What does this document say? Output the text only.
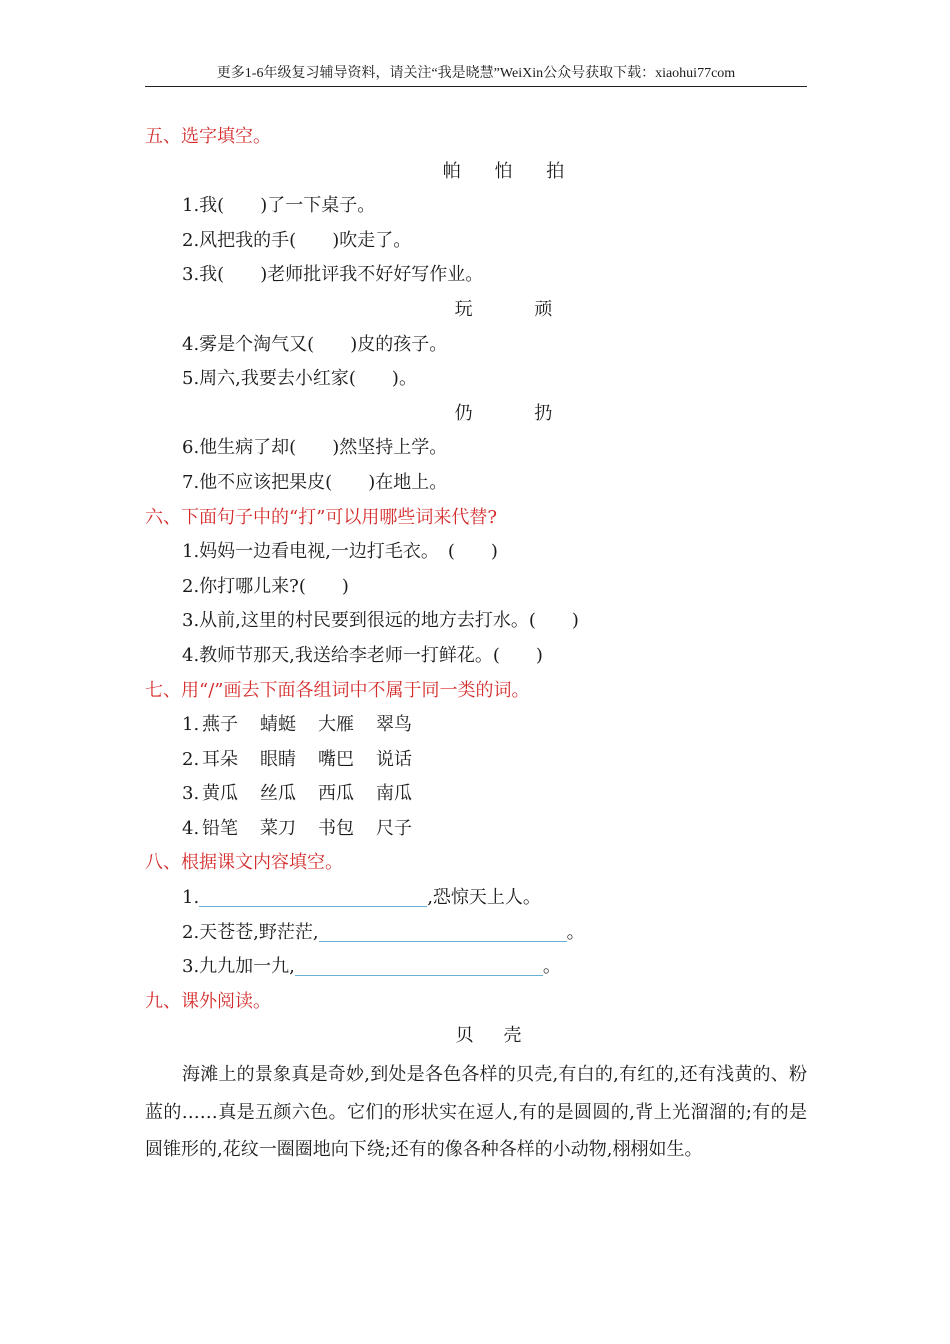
更多1-6年级复习辅导资料，请关注“我是晓慧”WeiXin公众号获取下载：xiaohui77com
五、选字填空。
帕 怕 拍
1.我(　　)了一下桌子。
2.风把我的手(　　)吹走了。
3.我(　　)老师批评我不好好写作业。
玩	顽
4.雾是个淘气又(　　)皮的孩子。
5.周六,我要去小红家(　　)。
仍	扔
6.他生病了却(　　)然坚持上学。
7.他不应该把果皮(　　)在地上。
六、下面句子中的“打”可以用哪些词来代替?
1.妈妈一边看电视,一边打毛衣。　(　　)
2.你打哪儿来?(　　)
3.从前,这里的村民要到很远的地方去打水。(　　)
4.教师节那天,我送给李老师一打鲜花。(　　)
七、用“/”画去下面各组词中不属于同一类的词。
1. 燕子 蜻蜓 大雁 翠鸟
2. 耳朵 眼睛 嘴巴 说话
3. 黄瓜 丝瓜 西瓜 南瓜
4. 铅笔 菜刀 书包 尺子
八、根据课文内容填空。
1.	,恐惊天上人。
2.天苍苍,野茫茫,	。
3.九九加一九,	。
九、课外阅读。
贝壳
海滩上的景象真是奇妙,到处是各色各样的贝壳,有白的,有红的,还有浅黄的、粉蓝的……真是五颜六色。它们的形状实在逗人,有的是圆圆的,背上光溜溜的;有的是圆锥形的,花纹一圈圈地向下绕;还有的像各种各样的小动物,栩栩如生。
